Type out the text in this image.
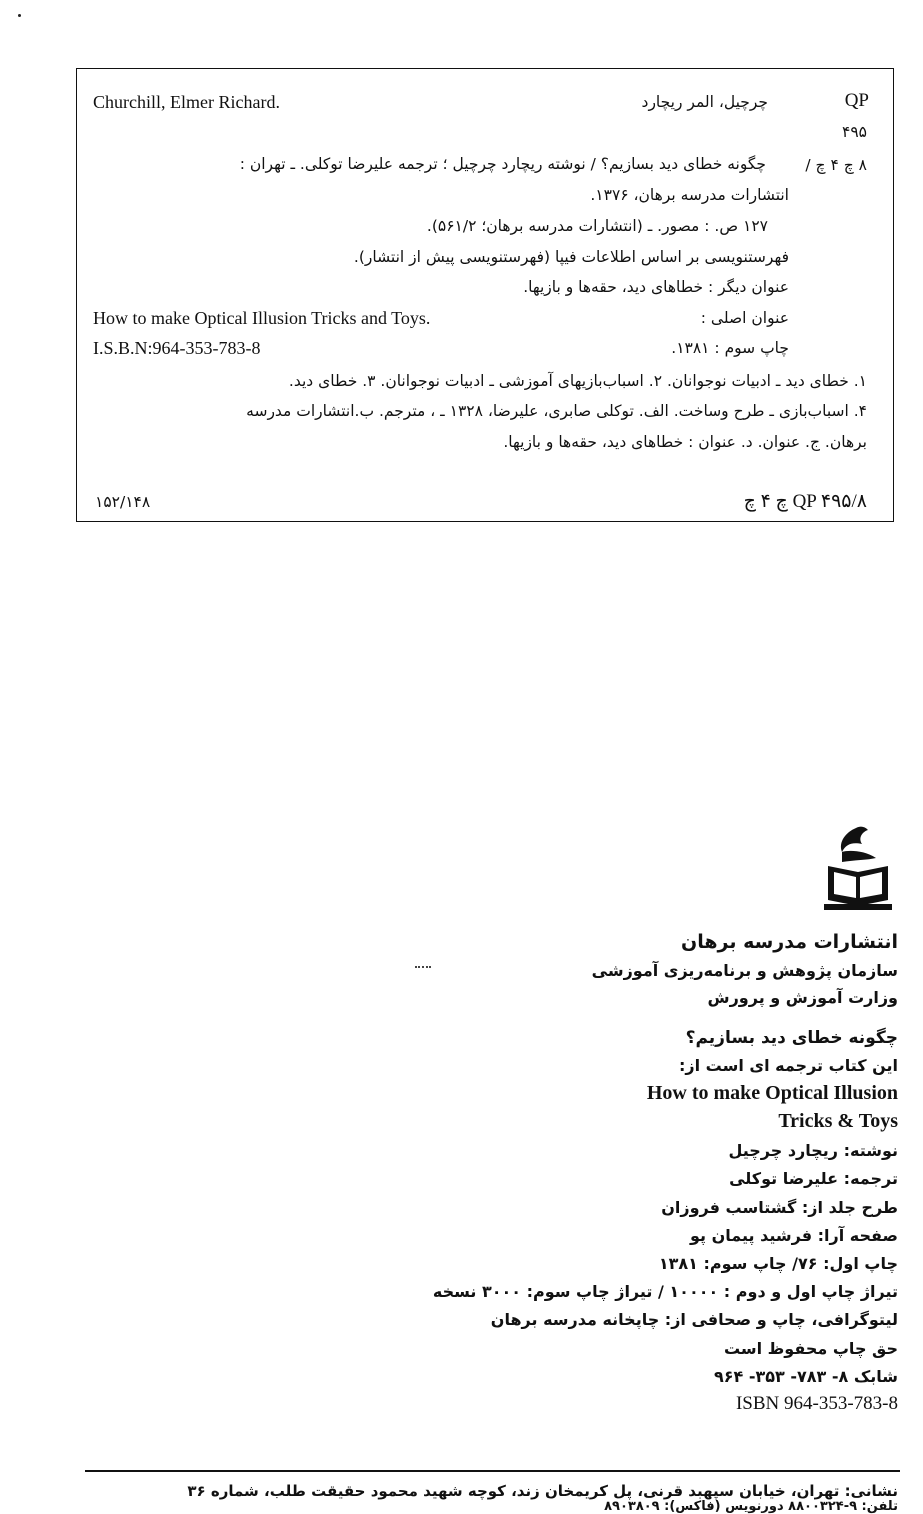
Churchill, Elmer Richard.	چرچیل، المر ریچارد	QP
۴۹۵
۸ چ ۴ چ /
چگونه خطای دید بسازیم؟ / نوشته ریچارد چرچیل ؛ ترجمه علیرضا توکلی. ـ تهران :
انتشارات مدرسه برهان، ۱۳۷۶.
۱۲۷ ص. : مصور. ـ (انتشارات مدرسه برهان؛ ۵۶۱/۲).
فهرستنویسی بر اساس اطلاعات فیپا (فهرستنویسی پیش از انتشار).
عنوان دیگر : خطاهای دید، حقه‌ها و بازیها.
عنوان اصلی :
How to make Optical Illusion Tricks and Toys.
چاپ سوم : ۱۳۸۱.
I.S.B.N:964-353-783-8
۱. خطای دید ـ ادبیات نوجوانان. ۲. اسباب‌بازیهای آموزشی ـ ادبیات نوجوانان. ۳. خطای دید.
۴. اسباب‌بازی ـ طرح وساخت. الف. توکلی صابری، علیرضا، ۱۳۲۸ ـ ، مترجم. ب.انتشارات مدرسه
برهان. ج. عنوان. د. عنوان : خطاهای دید، حقه‌ها و بازیها.
QP ۴۹۵/۸ چ ۴ چ
۱۵۲/۱۴۸
انتشارات مدرسه برهان
سازمان پژوهش و برنامه‌ریزی آموزشی
وزارت آموزش و پرورش
چگونه خطای دید بسازیم؟
این کتاب ترجمه ای است از:
How to make Optical Illusion
Tricks & Toys
نوشته: ریچارد چرچیل
ترجمه: علیرضا توکلی
طرح جلد از: گشتاسب فروزان
صفحه آرا: فرشید پیمان پو
چاپ اول: ۷۶/ چاپ سوم: ۱۳۸۱
تیراژ چاپ اول و دوم : ۱۰۰۰۰ / تیراژ چاپ سوم: ۳۰۰۰ نسخه
لیتوگرافی، چاپ و صحافی از: چاپخانه مدرسه برهان
حق چاپ محفوظ است
شابک ۸- ۷۸۳- ۳۵۳- ۹۶۴
ISBN 964-353-783-8
نشانی: تهران، خیابان سپهبد قرنی، پل کریمخان زند، کوچه شهید محمود حقیقت طلب، شماره ۳۶
تلفن: ۹-۸۸۰۰۳۲۴ دورنویس (فاکس): ۸۹۰۳۸۰۹
